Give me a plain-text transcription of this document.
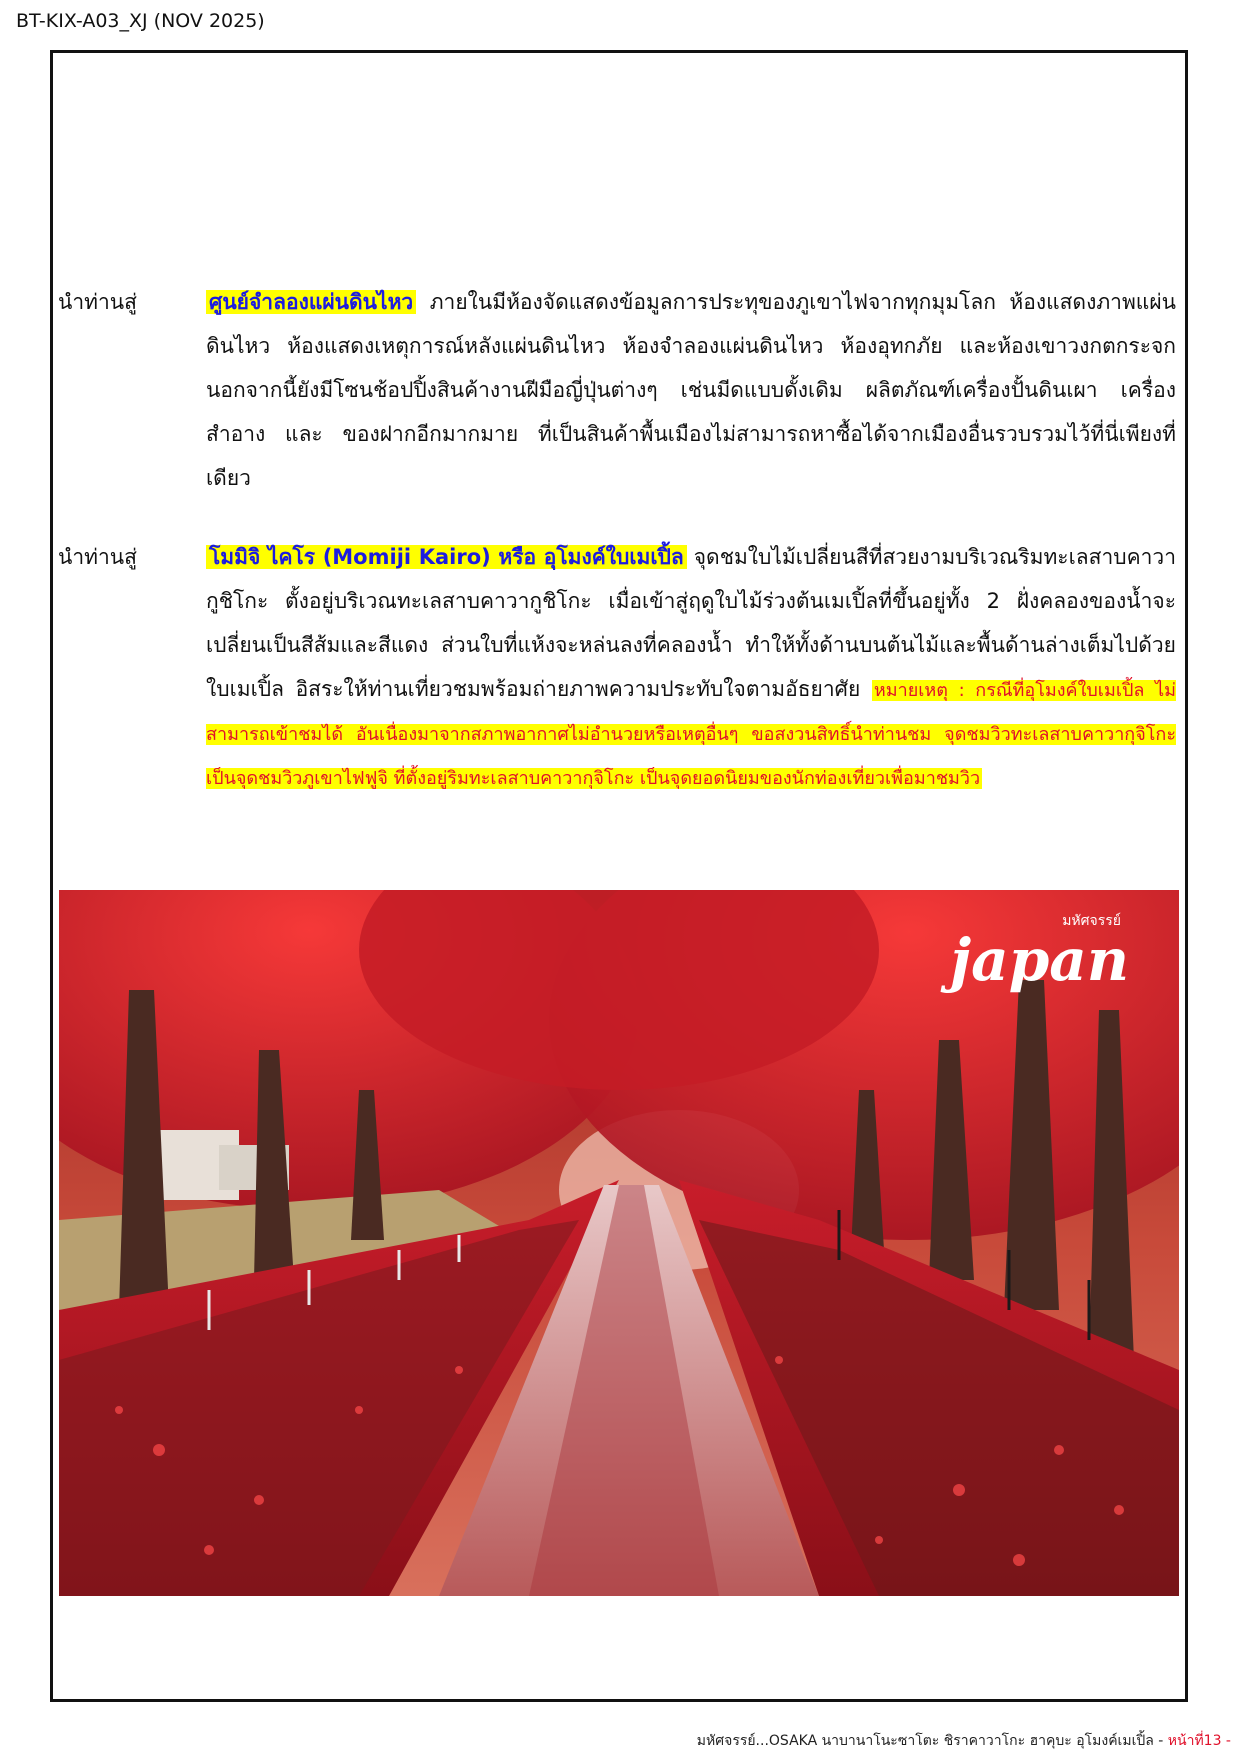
BT-KIX-A03_XJ (NOV 2025)
นำท่านสู่	ศูนย์จำลองแผ่นดินไหว ภายในมีห้องจัดแสดงข้อมูลการประทุของภูเขาไฟจากทุกมุมโลก ห้องแสดงภาพแผ่นดินไหว ห้องแสดงเหตุการณ์หลังแผ่นดินไหว ห้องจำลองแผ่นดินไหว ห้องอุทกภัย และห้องเขาวงกตกระจก นอกจากนี้ยังมีโซนช้อปปิ้งสินค้างานฝีมือญี่ปุ่นต่างๆ เช่นมีดแบบดั้งเดิม ผลิตภัณฑ์เครื่องปั้นดินเผา เครื่องสำอาง และ ของฝากอีกมากมาย ที่เป็นสินค้าพื้นเมืองไม่สามารถหาซื้อได้จากเมืองอื่นรวบรวมไว้ที่นี่เพียงที่เดียว
นำท่านสู่	โมมิจิ ไคโร (Momiji Kairo) หรือ อุโมงค์ใบเมเปิ้ล จุดชมใบไม้เปลี่ยนสีที่สวยงามบริเวณริมทะเลสาบคาวากูชิโกะ ตั้งอยู่บริเวณทะเลสาบคาวากูชิโกะ เมื่อเข้าสู่ฤดูใบไม้ร่วงต้นเมเปิ้ลที่ขึ้นอยู่ทั้ง 2 ฝั่งคลองของน้ำจะเปลี่ยนเป็นสีส้มและสีแดง ส่วนใบที่แห้งจะหล่นลงที่คลองน้ำ ทำให้ทั้งด้านบนต้นไม้และพื้นด้านล่างเต็มไปด้วยใบเมเปิ้ล อิสระให้ท่านเที่ยวชมพร้อมถ่ายภาพความประทับใจตามอัธยาศัย หมายเหตุ : กรณีที่อุโมงค์ใบเมเปิ้ล ไม่สามารถเข้าชมได้ อันเนื่องมาจากสภาพอากาศไม่อำนวยหรือเหตุอื่นๆ ขอสงวนสิทธิ์นำท่านชม จุดชมวิวทะเลสาบคาวากุจิโกะ เป็นจุดชมวิวภูเขาไฟฟูจิ ที่ตั้งอยู่ริมทะเลสาบคาวากุจิโกะ เป็นจุดยอดนิยมของนักท่องเที่ยวเพื่อมาชมวิว
มหัศจรรย์
japan
มหัศจรรย์...OSAKA นาบานาโนะซาโตะ ชิราคาวาโกะ ฮาคุบะ อุโมงค์เมเปิ้ล - หน้าที่13 -
